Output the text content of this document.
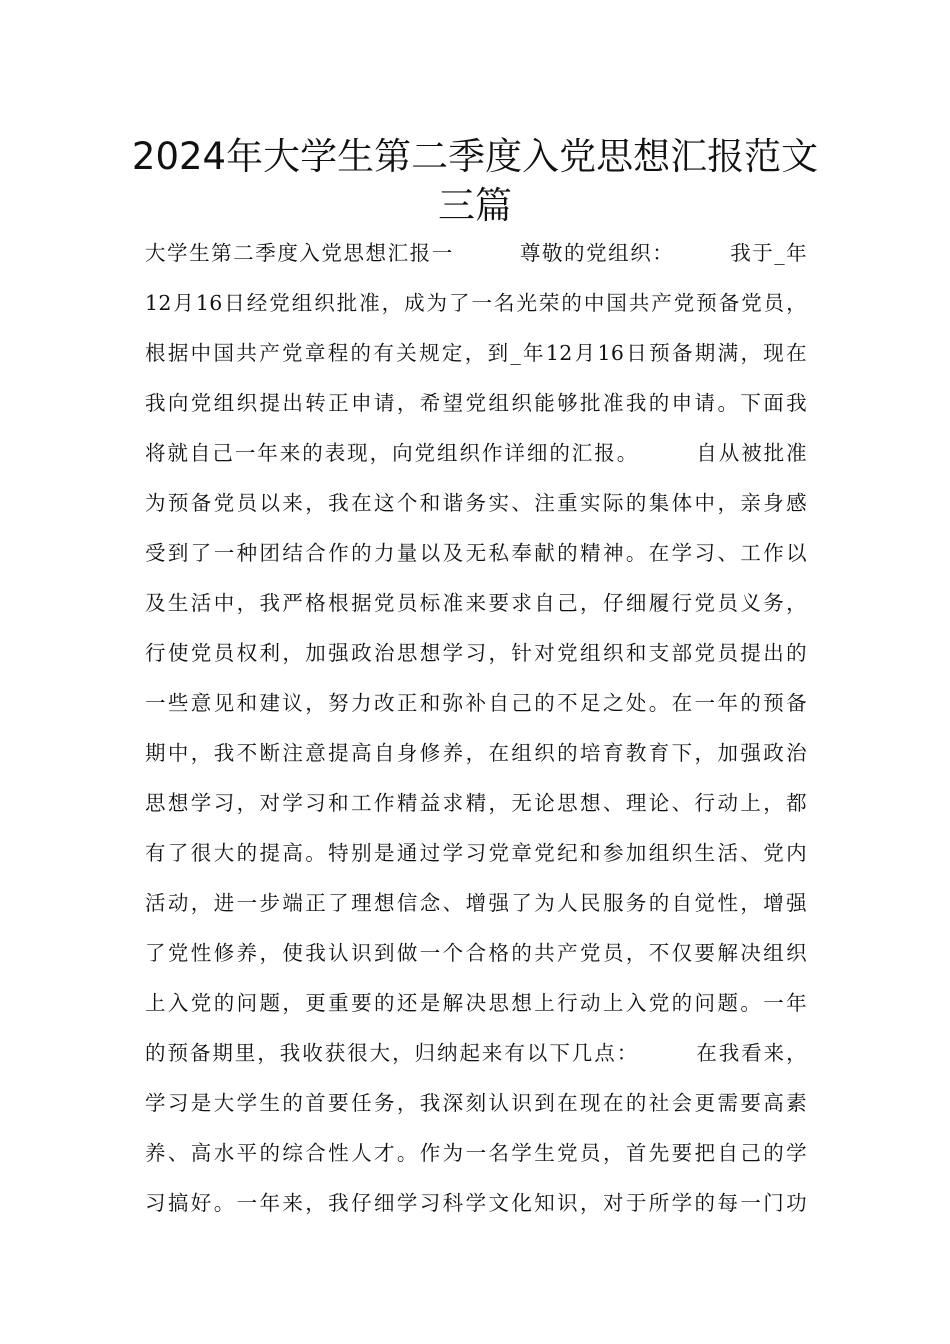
2024年大学生第二季度入党思想汇报范文三篇
大学生第二季度入党思想汇报一　　　尊敬的党组织：　　　我于_年
12月16日经党组织批准，成为了一名光荣的中国共产党预备党员，
根据中国共产党章程的有关规定，到_年12月16日预备期满，现在
我向党组织提出转正申请，希望党组织能够批准我的申请。下面我
将就自己一年来的表现，向党组织作详细的汇报。　　　自从被批准
为预备党员以来，我在这个和谐务实、注重实际的集体中，亲身感
受到了一种团结合作的力量以及无私奉献的精神。在学习、工作以
及生活中，我严格根据党员标准来要求自己，仔细履行党员义务，
行使党员权利，加强政治思想学习，针对党组织和支部党员提出的
一些意见和建议，努力改正和弥补自己的不足之处。在一年的预备
期中，我不断注意提高自身修养，在组织的培育教育下，加强政治
思想学习，对学习和工作精益求精，无论思想、理论、行动上，都
有了很大的提高。特别是通过学习党章党纪和参加组织生活、党内
活动，进一步端正了理想信念、增强了为人民服务的自觉性，增强
了党性修养，使我认识到做一个合格的共产党员，不仅要解决组织
上入党的问题，更重要的还是解决思想上行动上入党的问题。一年
的预备期里，我收获很大，归纳起来有以下几点：　　　在我看来，
学习是大学生的首要任务，我深刻认识到在现在的社会更需要高素
养、高水平的综合性人才。作为一名学生党员，首先要把自己的学
习搞好。一年来，我仔细学习科学文化知识，对于所学的每一门功
